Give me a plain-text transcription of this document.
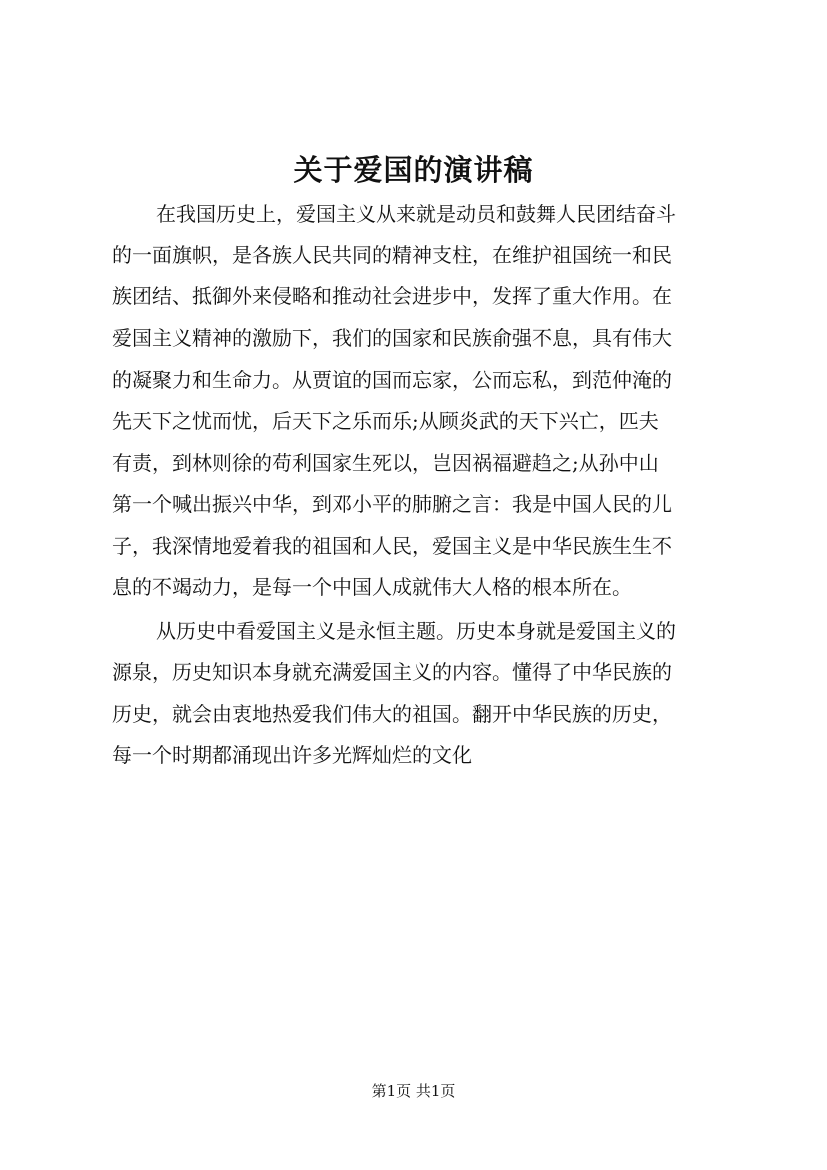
关于爱国的演讲稿

在我国历史上，爱国主义从来就是动员和鼓舞人民团结奋斗

的一面旗帜，是各族人民共同的精神支柱，在维护祖国统一和民

族团结、抵御外来侵略和推动社会进步中，发挥了重大作用。在

爱国主义精神的激励下，我们的国家和民族俞强不息，具有伟大

的凝聚力和生命力。从贾谊的国而忘家，公而忘私，到范仲淹的

先天下之忧而忧，后天下之乐而乐;从顾炎武的天下兴亡，匹夫

有责，到林则徐的苟利国家生死以，岂因祸福避趋之;从孙中山

第一个喊出振兴中华，到邓小平的肺腑之言：我是中国人民的儿

子，我深情地爱着我的祖国和人民，爱国主义是中华民族生生不

息的不竭动力，是每一个中国人成就伟大人格的根本所在。

从历史中看爱国主义是永恒主题。历史本身就是爱国主义的

源泉，历史知识本身就充满爱国主义的内容。懂得了中华民族的

历史，就会由衷地热爱我们伟大的祖国。翻开中华民族的历史，

每一个时期都涌现出许多光辉灿烂的文化

第1页 共1页
